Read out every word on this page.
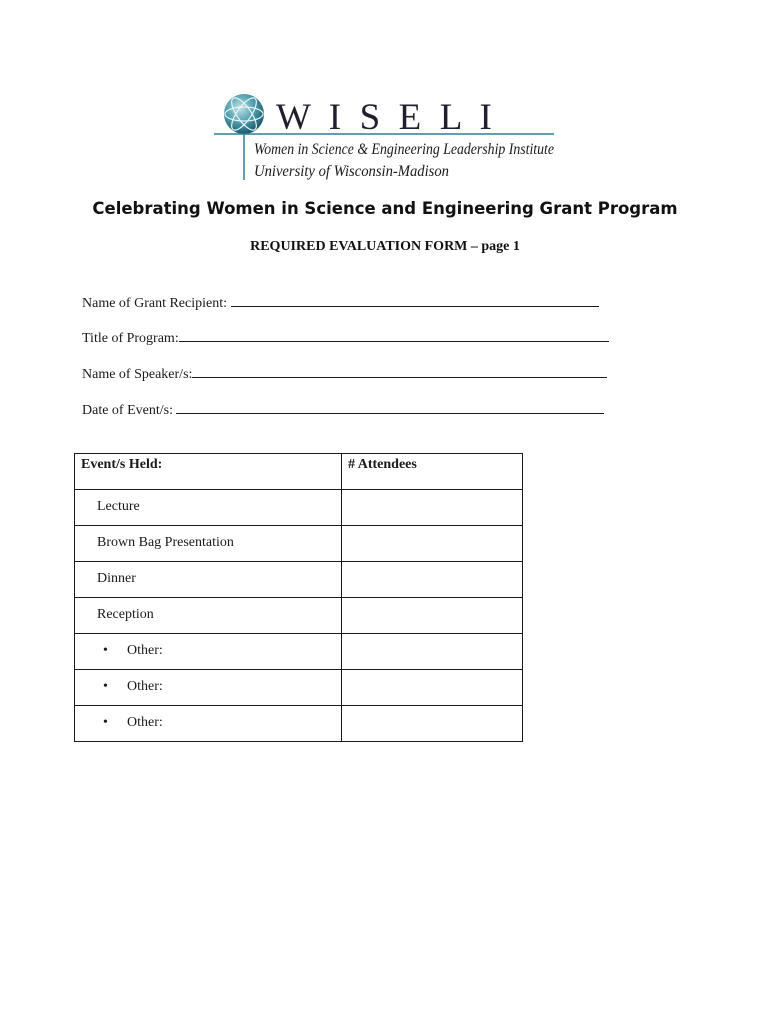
W  I  S  E  L  I
Women in Science & Engineering Leadership Institute
University of Wisconsin-Madison
Celebrating Women in Science and Engineering Grant Program
REQUIRED EVALUATION FORM – page 1
Name of Grant Recipient:
Title of Program:
Name of Speaker/s:
Date of Event/s:
Event/s Held:	# Attendees

Lecture	

Brown Bag Presentation	

Dinner	

Reception	

• Other:	

• Other:	

• Other:	
